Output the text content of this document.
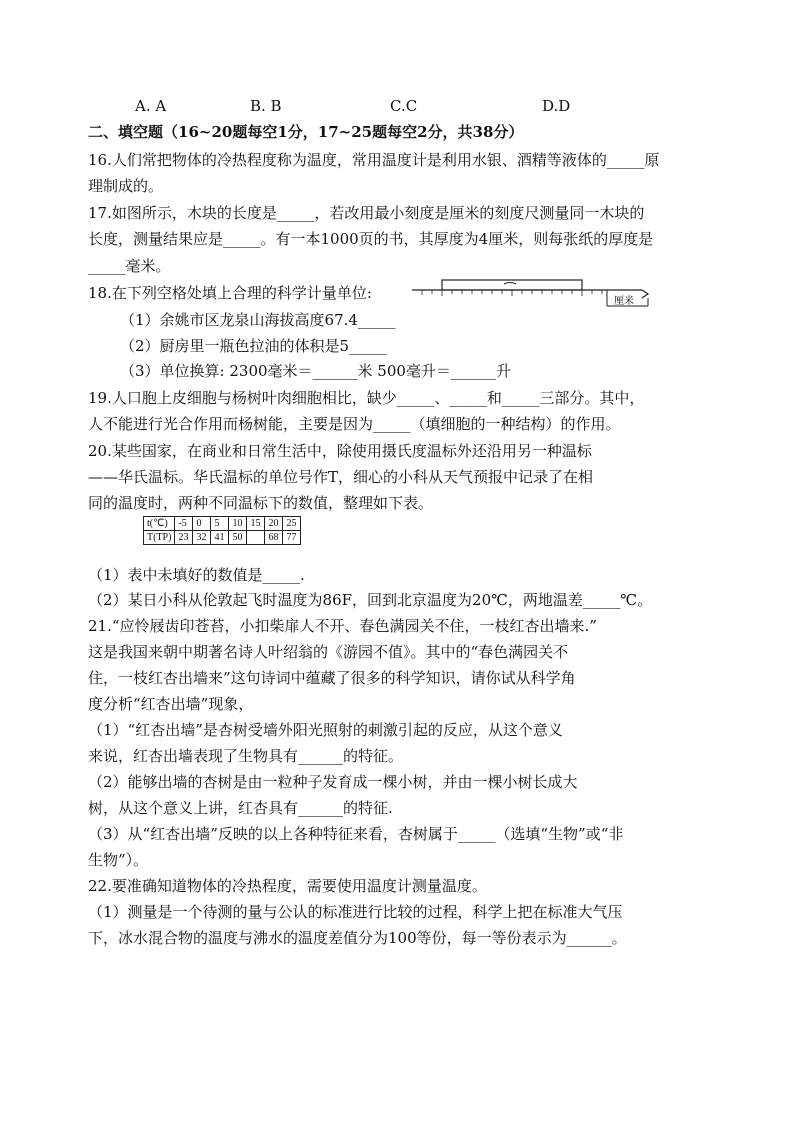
A. A	B. B	C.C	D.D
二、填空题（16~20题每空1分，17~25题每空2分，共38分）
16.人们常把物体的冷热程度称为温度，常用温度计是利用水银、酒精等液体的_____原
理制成的。
17.如图所示，木块的长度是_____，若改用最小刻度是厘米的刻度尺测量同一木块的
长度，测量结果应是_____。有一本1000页的书，其厚度为4厘米，则每张纸的厚度是
_____毫米。
18.在下列空格处填上合理的科学计量单位:	厘米
（1）余姚市区龙泉山海拔高度67.4_____
（2）厨房里一瓶色拉油的体积是5_____
（3）单位换算: 2300毫米＝______米 500毫升＝______升
19.人口胞上皮细胞与杨树叶肉细胞相比，缺少_____、_____和_____三部分。其中，
人不能进行光合作用而杨树能，主要是因为_____（填细胞的一种结构）的作用。
20.某些国家，在商业和日常生活中，除使用摄氏度温标外还沿用另一种温标
——华氏温标。华氏温标的单位号作T，细心的小科从天气预报中记录了在相
同的温度时，两种不同温标下的数值，整理如下表。
t(℃)	-5	0	5	10	15	20	25
T(TP)	23	32	41	50		68	77
（1）表中未填好的数值是_____.
（2）某日小科从伦敦起飞时温度为86F，回到北京温度为20℃，两地温差_____℃。
21.“应怜屐齿印苍苔，小扣柴扉人不开、春色满园关不住，一枝红杏出墙来.”
这是我国来朝中期著名诗人叶绍翁的《游园不值》。其中的“春色满园关不
住，一枝红杏出墙来”这句诗词中蕴藏了很多的科学知识，请你试从科学角
度分析“红杏出墙”现象，
（1）“红杏出墙”是杏树受墙外阳光照射的刺激引起的反应，从这个意义
来说，红杏出墙表现了生物具有______的特征。
（2）能够出墙的杏树是由一粒种子发育成一棵小树，并由一棵小树长成大
树，从这个意义上讲，红杏具有______的特征.
（3）从“红杏出墙”反映的以上各种特征来看，杏树属于_____（选填“生物”或“非
生物”）。
22.要准确知道物体的冷热程度，需要使用温度计测量温度。
（1）测量是一个待测的量与公认的标准进行比较的过程，科学上把在标准大气压
下，冰水混合物的温度与沸水的温度差值分为100等份，每一等份表示为______。
